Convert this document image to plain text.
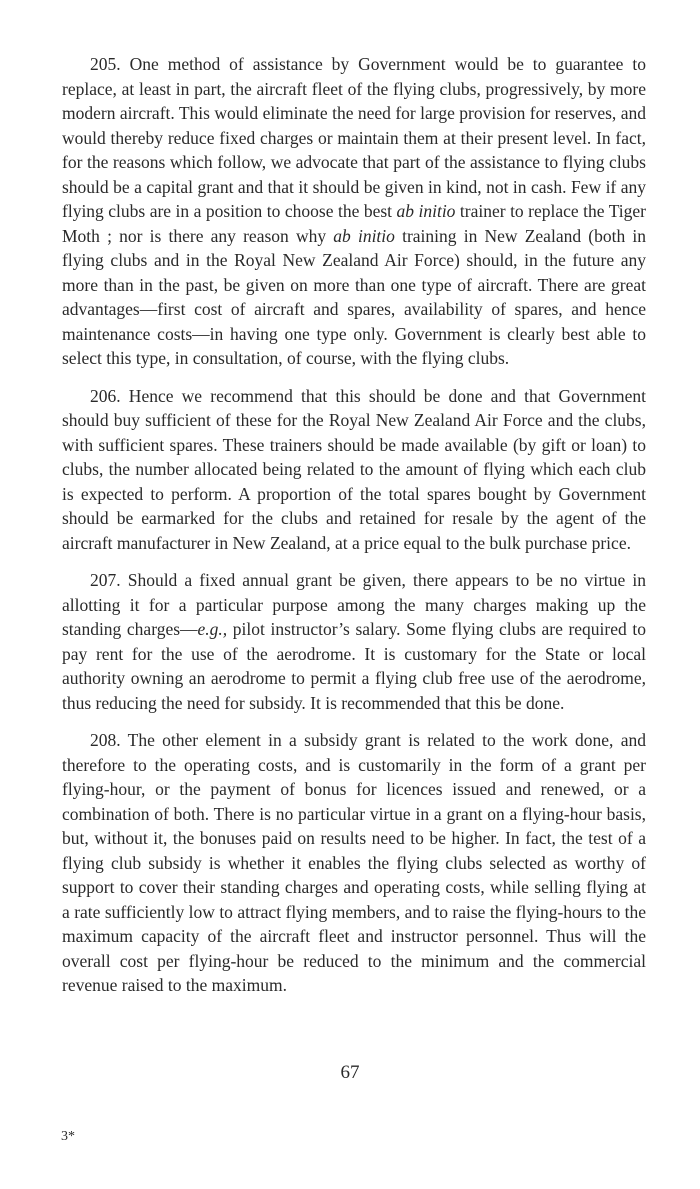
205. One method of assistance by Government would be to guarantee to replace, at least in part, the aircraft fleet of the flying clubs, progressively, by more modern aircraft. This would eliminate the need for large provision for reserves, and would thereby reduce fixed charges or maintain them at their present level. In fact, for the reasons which follow, we advocate that part of the assistance to flying clubs should be a capital grant and that it should be given in kind, not in cash. Few if any flying clubs are in a position to choose the best ab initio trainer to replace the Tiger Moth ; nor is there any reason why ab initio training in New Zealand (both in flying clubs and in the Royal New Zealand Air Force) should, in the future any more than in the past, be given on more than one type of aircraft. There are great advantages—first cost of aircraft and spares, availability of spares, and hence maintenance costs—in having one type only. Government is clearly best able to select this type, in consultation, of course, with the flying clubs.

206. Hence we recommend that this should be done and that Government should buy sufficient of these for the Royal New Zealand Air Force and the clubs, with sufficient spares. These trainers should be made available (by gift or loan) to clubs, the number allocated being related to the amount of flying which each club is expected to perform. A proportion of the total spares bought by Government should be earmarked for the clubs and retained for resale by the agent of the aircraft manufacturer in New Zealand, at a price equal to the bulk purchase price.

207. Should a fixed annual grant be given, there appears to be no virtue in allotting it for a particular purpose among the many charges making up the standing charges—e.g., pilot instructor’s salary. Some flying clubs are required to pay rent for the use of the aerodrome. It is customary for the State or local authority owning an aerodrome to permit a flying club free use of the aerodrome, thus reducing the need for subsidy. It is recommended that this be done.

208. The other element in a subsidy grant is related to the work done, and therefore to the operating costs, and is customarily in the form of a grant per flying-hour, or the payment of bonus for licences issued and renewed, or a combination of both. There is no particular virtue in a grant on a flying-hour basis, but, without it, the bonuses paid on results need to be higher. In fact, the test of a flying club subsidy is whether it enables the flying clubs selected as worthy of support to cover their standing charges and operating costs, while selling flying at a rate sufficiently low to attract flying members, and to raise the flying-hours to the maximum capacity of the aircraft fleet and instructor personnel. Thus will the overall cost per flying-hour be reduced to the minimum and the commercial revenue raised to the maximum.

67
3*
